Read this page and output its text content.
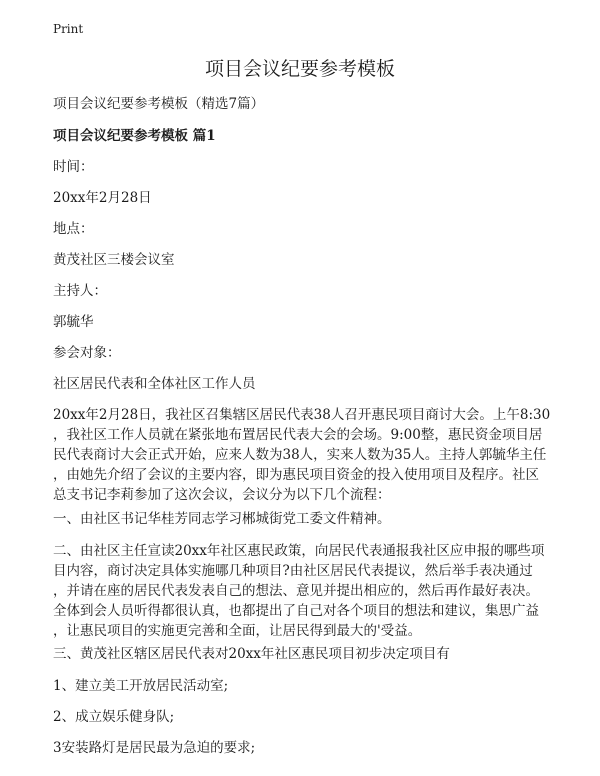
Print
项目会议纪要参考模板
项目会议纪要参考模板（精选7篇）
项目会议纪要参考模板 篇1
时间：
20xx年2月28日
地点：
黄茂社区三楼会议室
主持人：
郭毓华
参会对象：
社区居民代表和全体社区工作人员
20xx年2月28日，我社区召集辖区居民代表38人召开惠民项目商讨大会。上午8:30
，我社区工作人员就在紧张地布置居民代表大会的会场。9:00整，惠民资金项目居
民代表商讨大会正式开始，应来人数为38人，实来人数为35人。主持人郭毓华主任
，由她先介绍了会议的主要内容，即为惠民项目资金的投入使用项目及程序。社区
总支书记李莉参加了这次会议，会议分为以下几个流程：
一、由社区书记华桂芳同志学习郴城街党工委文件精神。
二、由社区主任宣读20xx年社区惠民政策，向居民代表通报我社区应申报的哪些项
目内容，商讨决定具体实施哪几种项目?由社区居民代表提议，然后举手表决通过
，并请在座的居民代表发表自己的想法、意见并提出相应的，然后再作最好表决。
全体到会人员听得都很认真，也都提出了自己对各个项目的想法和建议，集思广益
，让惠民项目的实施更完善和全面，让居民得到最大的'受益。
三、黄茂社区辖区居民代表对20xx年社区惠民项目初步决定项目有
1、建立美工开放居民活动室;
2、成立娱乐健身队;
3安装路灯是居民最为急迫的要求;
